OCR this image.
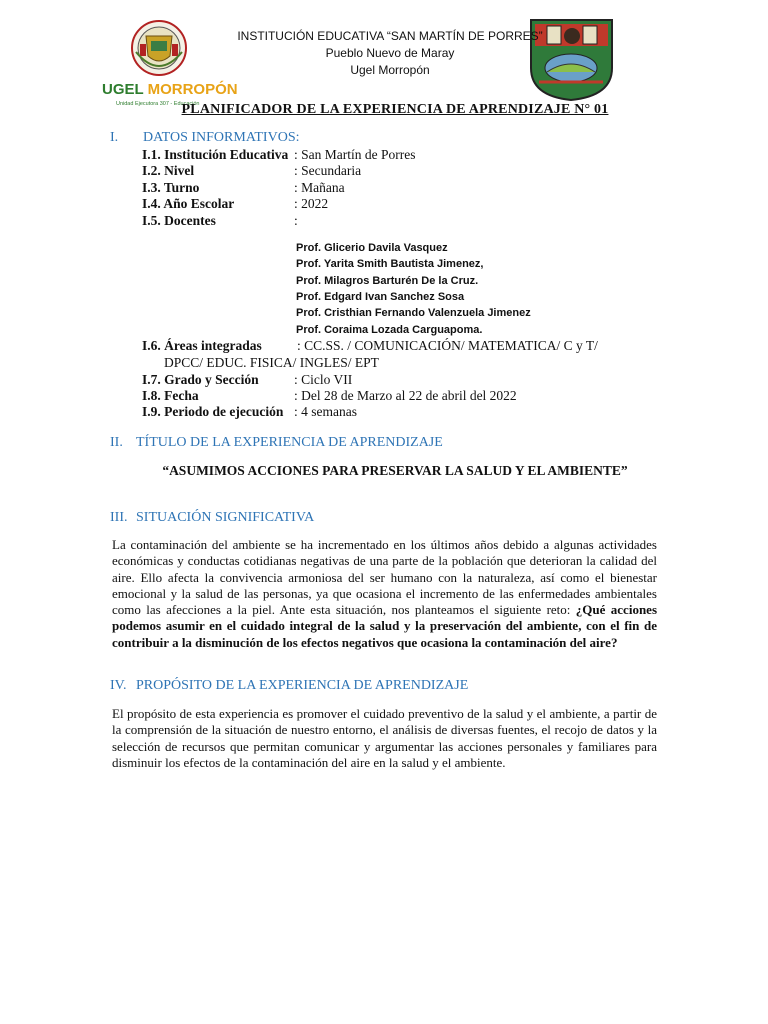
UGEL MORROPÓN
Unidad Ejecutora 307 - Educación
INSTITUCIÓN EDUCATIVA “SAN MARTÍN DE PORRES”
Pueblo Nuevo de Maray
Ugel Morropón
PLANIFICADOR DE LA EXPERIENCIA DE APRENDIZAJE N° 01
I. DATOS INFORMATIVOS:
I.1. Institución Educativa : San Martín de Porres
I.2. Nivel	: Secundaria
I.3. Turno	: Mañana
I.4. Año Escolar	: 2022
I.5. Docentes	:
Prof. Glicerio Davila Vasquez
Prof. Yarita Smith Bautista Jimenez,
Prof. Milagros Barturén De la Cruz.
Prof. Edgard Ivan Sanchez Sosa
Prof. Cristhian Fernando Valenzuela Jimenez
Prof. Coraima Lozada Carguapoma.
I.6. Áreas integradas	: CC.SS. / COMUNICACIÓN/ MATEMATICA/ C y T/
DPCC/ EDUC. FISICA/ INGLES/ EPT
I.7. Grado y Sección	: Ciclo VII
I.8. Fecha	: Del 28 de Marzo al 22 de abril del 2022
I.9. Periodo de ejecución : 4 semanas
II. TÍTULO DE LA EXPERIENCIA DE APRENDIZAJE
“ASUMIMOS ACCIONES PARA PRESERVAR LA SALUD Y EL AMBIENTE”
III. SITUACIÓN SIGNIFICATIVA
La contaminación del ambiente se ha incrementado en los últimos años debido a algunas actividades económicas y conductas cotidianas negativas de una parte de la población que deterioran la calidad del aire. Ello afecta la convivencia armoniosa del ser humano con la naturaleza, así como el bienestar emocional y la salud de las personas, ya que ocasiona el incremento de las enfermedades ambientales como las afecciones a la piel. Ante esta situación, nos planteamos el siguiente reto: ¿Qué acciones podemos asumir en el cuidado integral de la salud y la preservación del ambiente, con el fin de contribuir a la disminución de los efectos negativos que ocasiona la contaminación del aire?
IV. PROPÓSITO DE LA EXPERIENCIA DE APRENDIZAJE
El propósito de esta experiencia es promover el cuidado preventivo de la salud y el ambiente, a partir de la comprensión de la situación de nuestro entorno, el análisis de diversas fuentes, el recojo de datos y la selección de recursos que permitan comunicar y argumentar las acciones personales y familiares para disminuir los efectos de la contaminación del aire en la salud y el ambiente.
